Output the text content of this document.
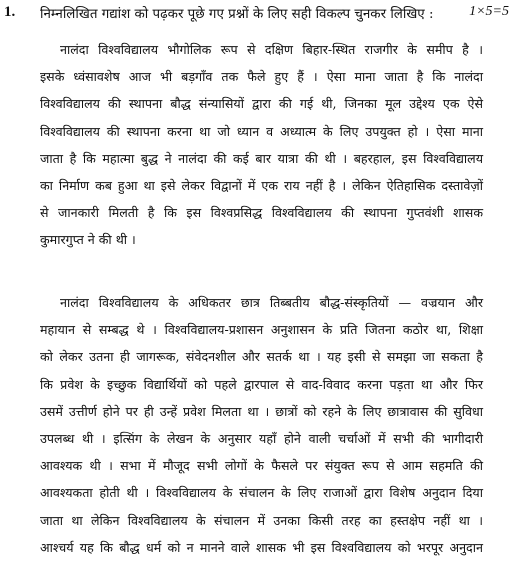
1. निम्नलिखित गद्यांश को पढ़कर पूछे गए प्रश्नों के लिए सही विकल्प चुनकर लिखिए :	1×5=5
नालंदा विश्वविद्यालय भौगोलिक रूप से दक्षिण बिहार-स्थित राजगीर के समीप है ।
इसके ध्वंसावशेष आज भी बड़गाँव तक फैले हुए हैं । ऐसा माना जाता है कि नालंदा
विश्वविद्यालय की स्थापना बौद्ध संन्यासियों द्वारा की गई थी, जिनका मूल उद्देश्य एक ऐसे
विश्वविद्यालय की स्थापना करना था जो ध्यान व अध्यात्म के लिए उपयुक्त हो । ऐसा माना
जाता है कि महात्मा बुद्ध ने नालंदा की कई बार यात्रा की थी । बहरहाल, इस विश्वविद्यालय
का निर्माण कब हुआ था इसे लेकर विद्वानों में एक राय नहीं है । लेकिन ऐतिहासिक दस्तावेज़ों
से जानकारी मिलती है कि इस विश्वप्रसिद्ध विश्वविद्यालय की स्थापना गुप्तवंशी शासक
कुमारगुप्त ने की थी ।
नालंदा विश्वविद्यालय के अधिकतर छात्र तिब्बतीय बौद्ध-संस्कृतियों — वज्रयान और
महायान से सम्बद्ध थे । विश्वविद्यालय-प्रशासन अनुशासन के प्रति जितना कठोर था, शिक्षा
को लेकर उतना ही जागरूक, संवेदनशील और सतर्क था । यह इसी से समझा जा सकता है
कि प्रवेश के इच्छुक विद्यार्थियों को पहले द्वारपाल से वाद-विवाद करना पड़ता था और फिर
उसमें उत्तीर्ण होने पर ही उन्हें प्रवेश मिलता था । छात्रों को रहने के लिए छात्रावास की सुविधा
उपलब्ध थी । इत्सिंग के लेखन के अनुसार यहाँ होने वाली चर्चाओं में सभी की भागीदारी
आवश्यक थी । सभा में मौजूद सभी लोगों के फैसले पर संयुक्त रूप से आम सहमति की
आवश्यकता होती थी । विश्वविद्यालय के संचालन के लिए राजाओं द्वारा विशेष अनुदान दिया
जाता था लेकिन विश्वविद्यालय के संचालन में उनका किसी तरह का हस्तक्षेप नहीं था ।
आश्चर्य यह कि बौद्ध धर्म को न मानने वाले शासक भी इस विश्वविद्यालय को भरपूर अनुदान
